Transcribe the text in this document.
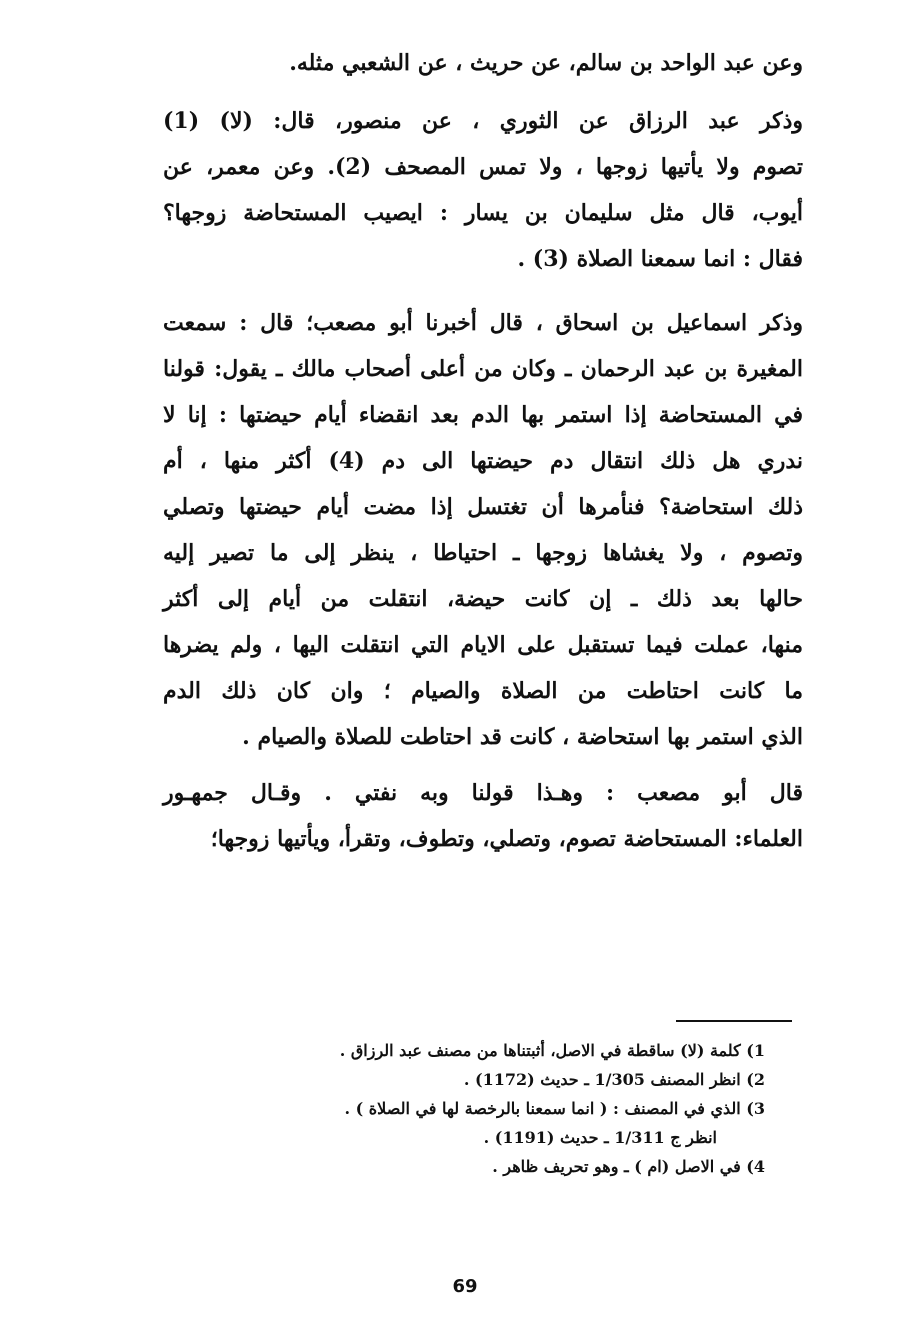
وعن عبد الواحد بن سالم، عن حريث ، عن الشعبي مثله.
وذكر عبد الرزاق عن الثوري ، عن منصور، قال: (لا) (1)
تصوم ولا يأتيها زوجها ، ولا تمس المصحف (2). وعن معمر، عن
أيوب، قال مثل سليمان بن يسار : ايصيب المستحاضة زوجها؟
فقال : انما سمعنا الصلاة (3) .
وذكر اسماعيل بن اسحاق ، قال أخبرنا أبو مصعب؛ قال : سمعت
المغيرة بن عبد الرحمان ـ وكان من أعلى أصحاب مالك ـ يقول: قولنا
في المستحاضة إذا استمر بها الدم بعد انقضاء أيام حيضتها : إنا لا
ندري هل ذلك انتقال دم حيضتها الى دم (4) أكثر منها ، أم
ذلك استحاضة؟ فنأمرها أن تغتسل إذا مضت أيام حيضتها وتصلي
وتصوم ، ولا يغشاها زوجها ـ احتياطا ، ينظر إلى ما تصير إليه
حالها بعد ذلك ـ إن كانت حيضة، انتقلت من أيام إلى أكثر
منها، عملت فيما تستقبل على الايام التي انتقلت اليها ، ولم يضرها
ما كانت احتاطت من الصلاة والصيام ؛ وان كان ذلك الدم
الذي استمر بها استحاضة ، كانت قد احتاطت للصلاة والصيام .
قال أبو مصعب : وهـذا قولنا وبه نفتي . وقـال جمهـور
العلماء: المستحاضة تصوم، وتصلي، وتطوف، وتقرأ، ويأتيها زوجها؛
1) كلمة (لا) ساقطة في الاصل، أثبتناها من مصنف عبد الرزاق .
2) انظر المصنف 1/305 ـ حديث (1172) .
3) الذي في المصنف : ( انما سمعنا بالرخصة لها في الصلاة ) .
انظر ج 1/311 ـ حديث (1191) .
4) في الاصل (ام ) ـ وهو تحريف ظاهر .
69
